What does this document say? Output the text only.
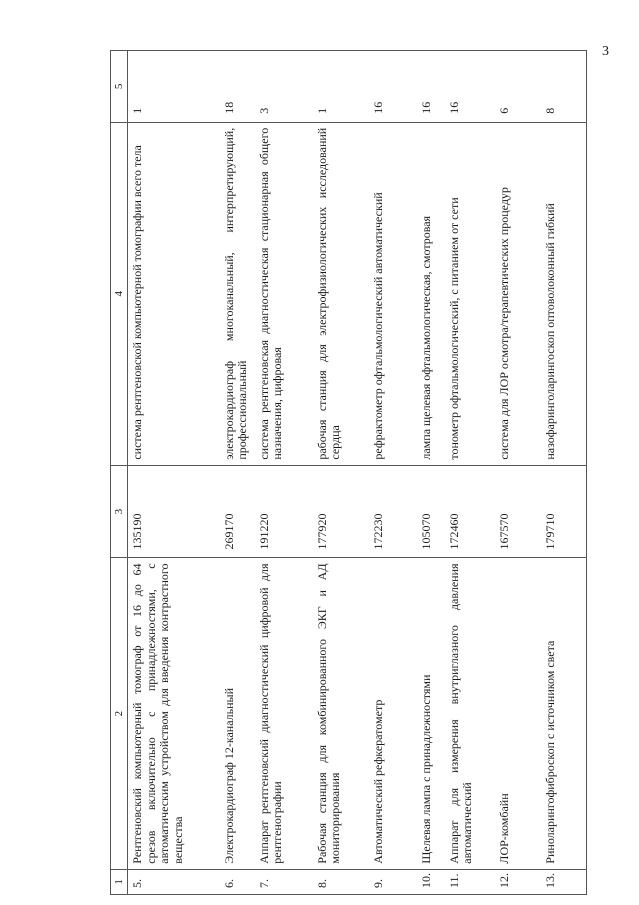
3
1	2	3	4	5
5.	Рентгеновский компьютерный томограф от 16 до 64 срезов включительно с принадлежностями, с автоматическим устройством для введения контрастного вещества	135190	система рентгеновской компьютерной томографии всего тела	1
6.	Электрокардиограф 12-канальный	269170	электрокардиограф многоканальный, интерпретирующий, профессиональный	18
7.	Аппарат рентгеновский диагностический цифровой для рентгенографии	191220	система рентгеновская диагностическая стационарная общего назначения, цифровая	3
8.	Рабочая станция для комбинированного ЭКГ и АД мониторирования	177920	рабочая станция для электрофизиологических исследований сердца	1
9.	Автоматический рефкератометр	172230	рефрактометр офтальмологический автоматический	16
10.	Щелевая лампа с принадлежностями	105070	лампа щелевая офтальмологическая, смотровая	16
11.	Аппарат для измерения внутриглазного давления автоматический	172460	тонометр офтальмологический, с питанием от сети	16
12.	ЛОР-комбайн	167570	система для ЛОР осмотра/терапевтических процедур	6
13.	Риноларингофиброскоп с источником света	179710	назофаринголарингоскоп оптоволоконный гибкий	8
